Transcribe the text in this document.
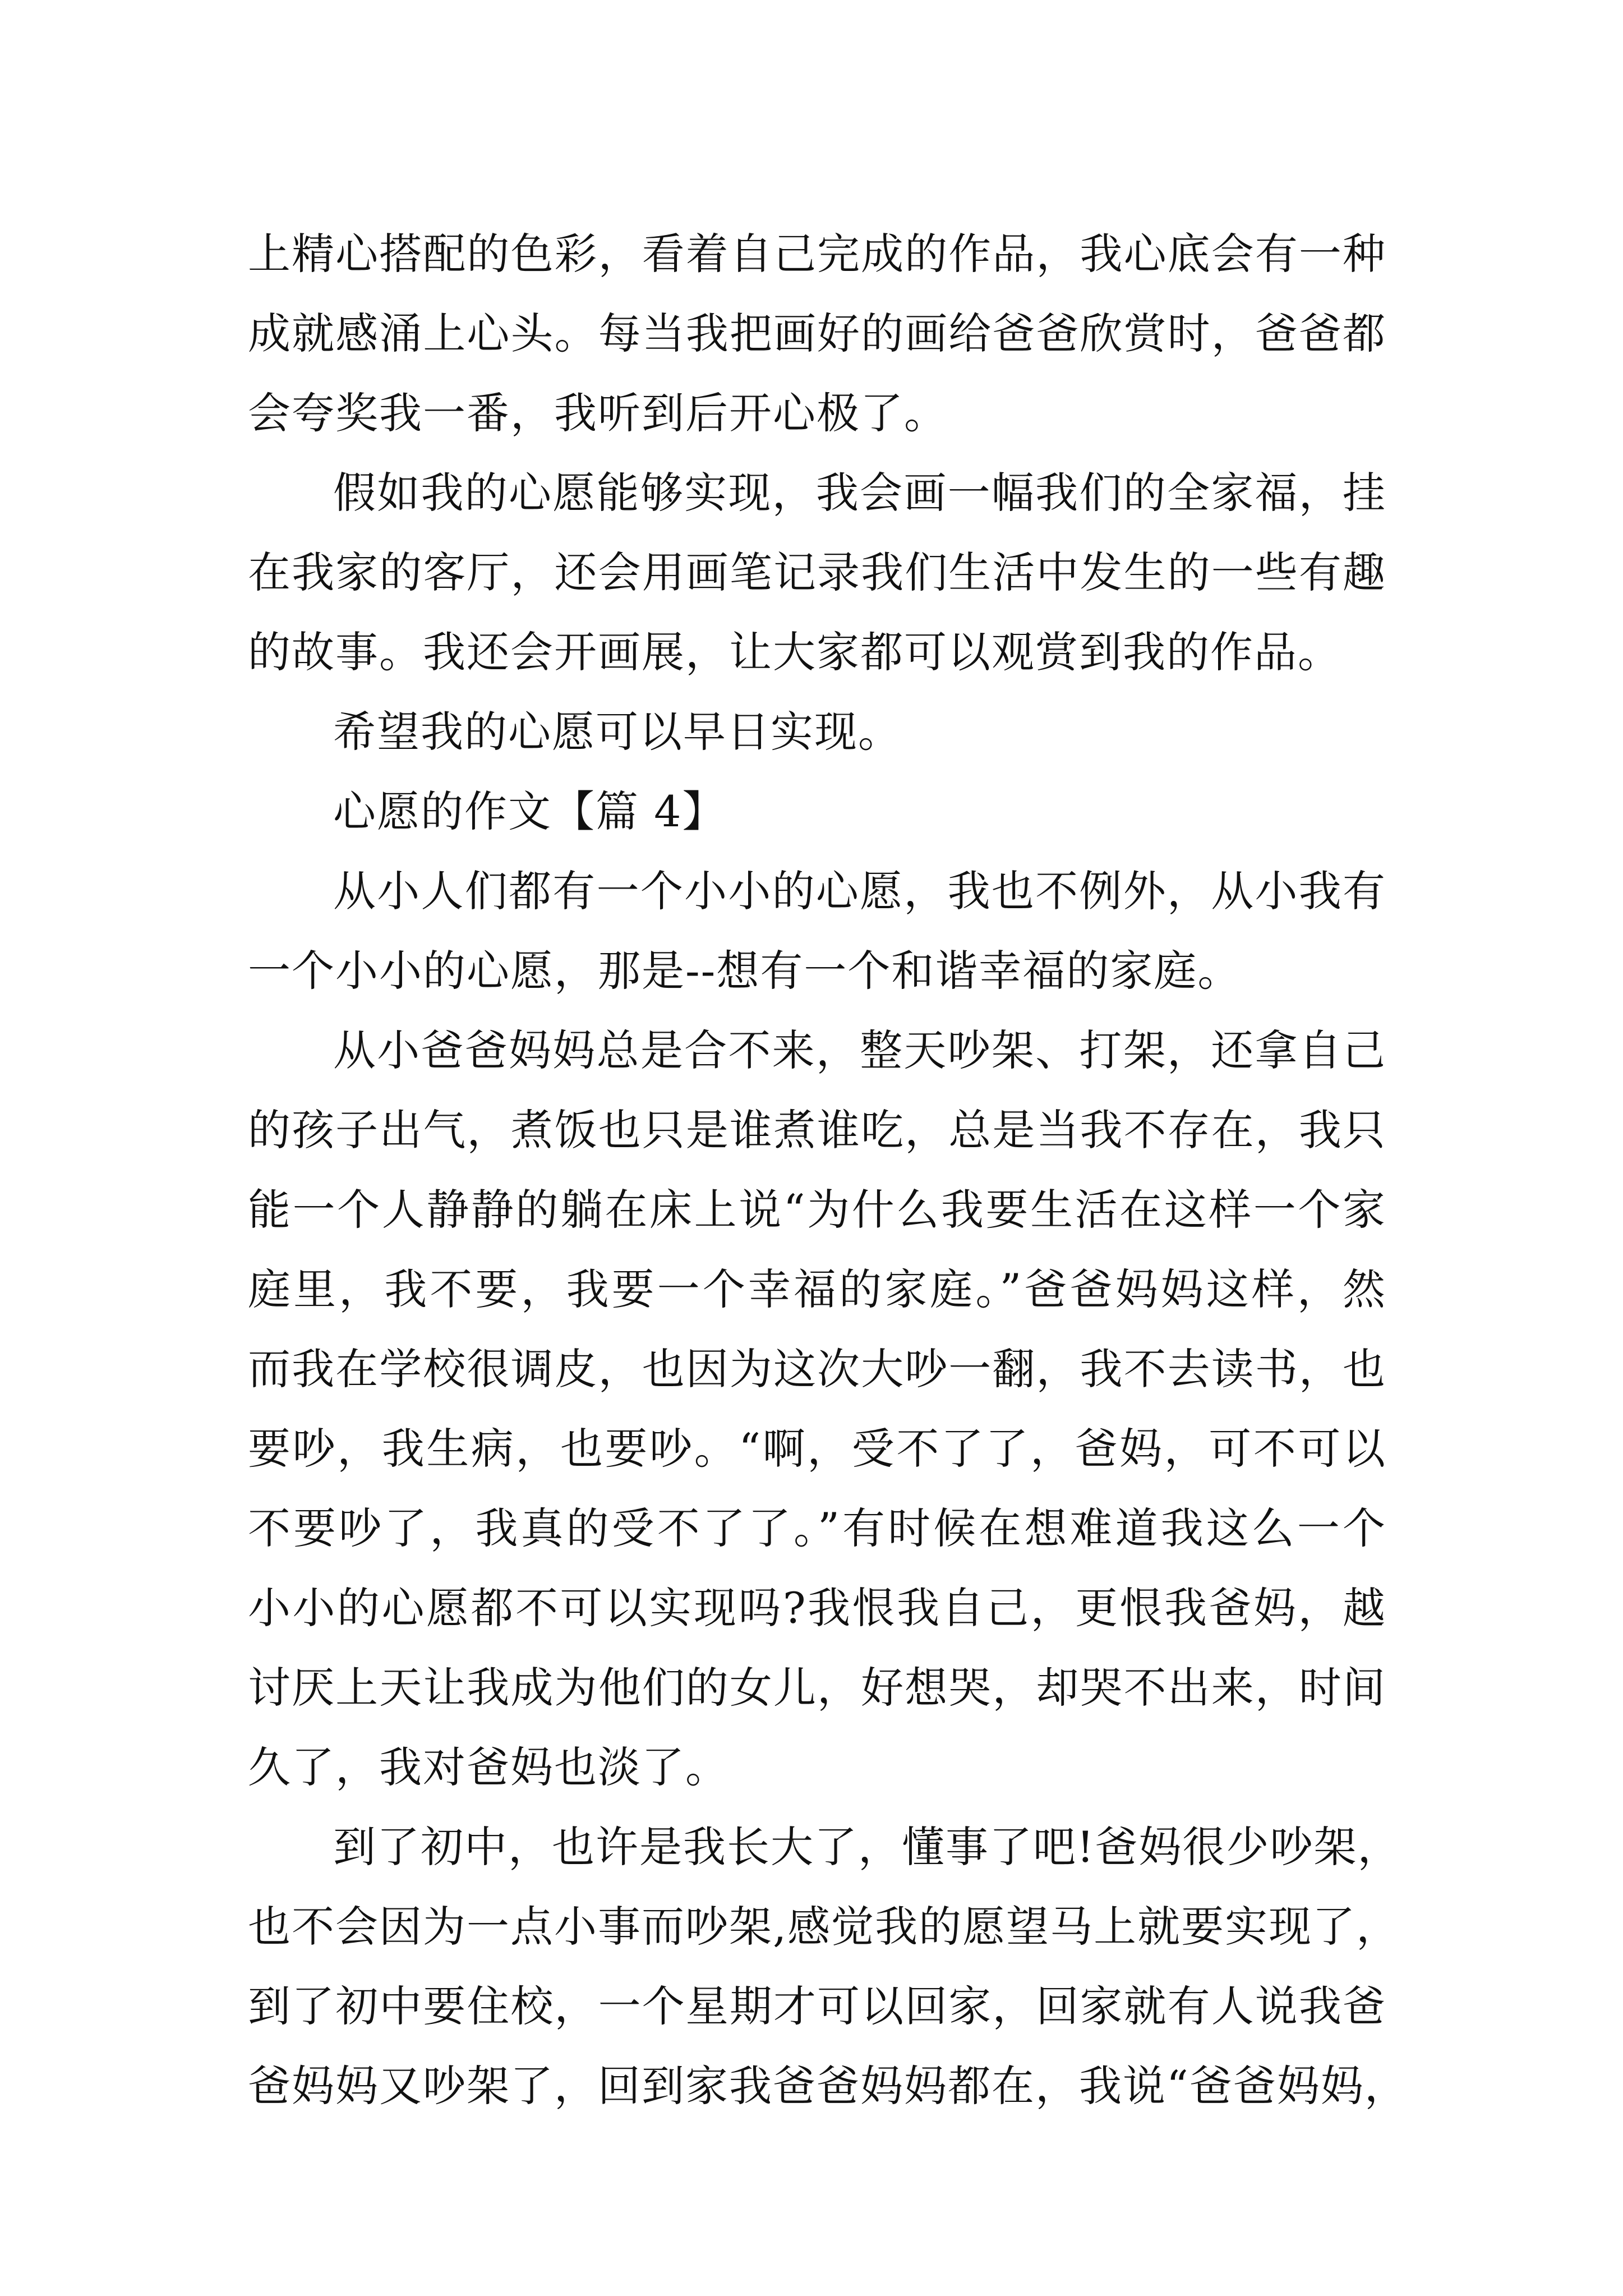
上精心搭配的色彩，看着自己完成的作品，我心底会有一种
成就感涌上心头。每当我把画好的画给爸爸欣赏时，爸爸都
会夸奖我一番，我听到后开心极了。
假如我的心愿能够实现，我会画一幅我们的全家福，挂
在我家的客厅，还会用画笔记录我们生活中发生的一些有趣
的故事。我还会开画展，让大家都可以观赏到我的作品。
希望我的心愿可以早日实现。
心愿的作文【篇 4】
从小人们都有一个小小的心愿，我也不例外，从小我有
一个小小的心愿，那是--想有一个和谐幸福的家庭。
从小爸爸妈妈总是合不来，整天吵架、打架，还拿自己
的孩子出气，煮饭也只是谁煮谁吃，总是当我不存在，我只
能一个人静静的躺在床上说“为什么我要生活在这样一个家
庭里，我不要，我要一个幸福的家庭。”爸爸妈妈这样，然
而我在学校很调皮，也因为这次大吵一翻，我不去读书，也
要吵，我生病，也要吵。“啊，受不了了，爸妈，可不可以
不要吵了，我真的受不了了。”有时候在想难道我这么一个
小小的心愿都不可以实现吗?我恨我自己，更恨我爸妈，越
讨厌上天让我成为他们的女儿，好想哭，却哭不出来，时间
久了，我对爸妈也淡了。
到了初中，也许是我长大了，懂事了吧!爸妈很少吵架，
也不会因为一点小事而吵架,感觉我的愿望马上就要实现了，
到了初中要住校，一个星期才可以回家，回家就有人说我爸
爸妈妈又吵架了，回到家我爸爸妈妈都在，我说“爸爸妈妈，
